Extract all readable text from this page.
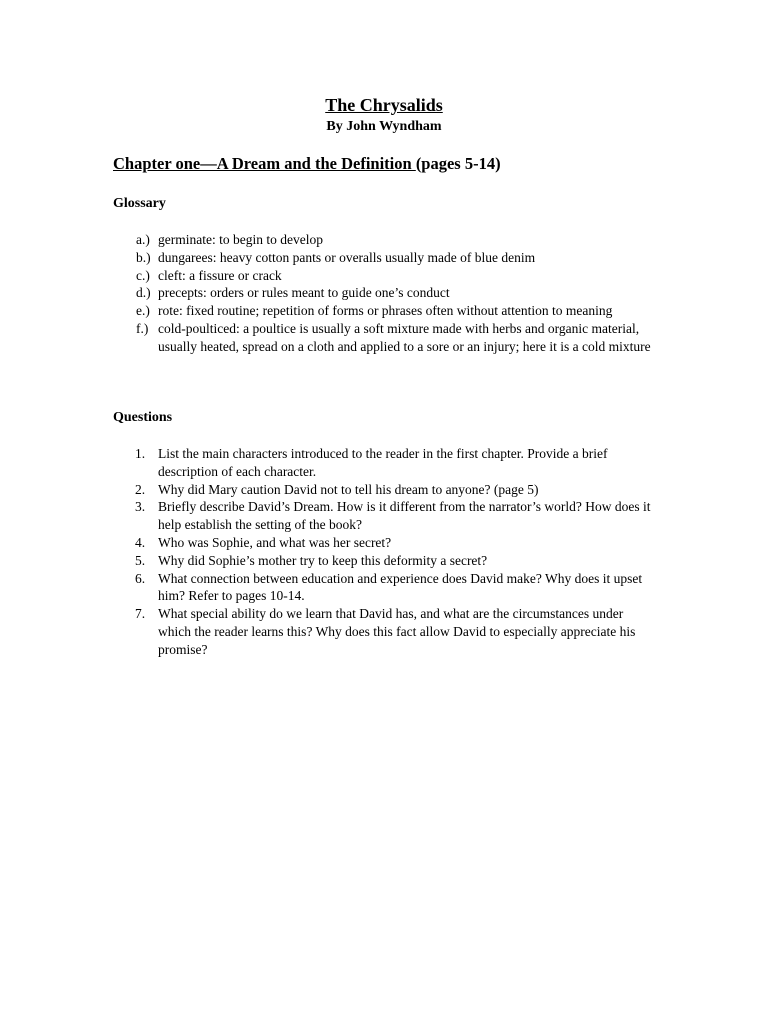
The Chrysalids
By John Wyndham
Chapter one—A Dream and the Definition (pages 5-14)
Glossary
a.) germinate: to begin to develop
b.) dungarees: heavy cotton pants or overalls usually made of blue denim
c.) cleft: a fissure or crack
d.) precepts: orders or rules meant to guide one’s conduct
e.) rote: fixed routine; repetition of forms or phrases often without attention to meaning
f.) cold-poulticed: a poultice is usually a soft mixture made with herbs and organic material, usually heated, spread on a cloth and applied to a sore or an injury; here it is a cold mixture
Questions
1. List the main characters introduced to the reader in the first chapter. Provide a brief description of each character.
2. Why did Mary caution David not to tell his dream to anyone? (page 5)
3. Briefly describe David’s Dream. How is it different from the narrator’s world? How does it help establish the setting of the book?
4. Who was Sophie, and what was her secret?
5. Why did Sophie’s mother try to keep this deformity a secret?
6. What connection between education and experience does David make? Why does it upset him? Refer to pages 10-14.
7. What special ability do we learn that David has, and what are the circumstances under which the reader learns this? Why does this fact allow David to especially appreciate his promise?
